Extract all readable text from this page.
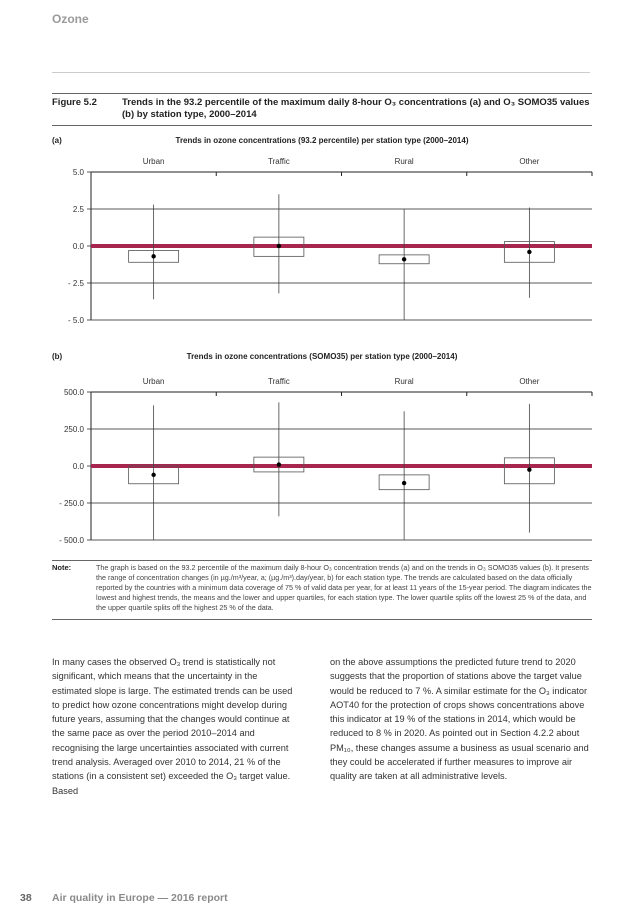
Ozone
Figure 5.2	Trends in the 93.2 percentile of the maximum daily 8-hour O₃ concentrations (a) and O₃ SOMO35 values (b) by station type, 2000–2014
(a)	Trends in ozone concentrations (93.2 percentile) per station type (2000–2014)
5.0
2.5
0.0
- 2.5
- 5.0
Urban	Traffic	Rural	Other
(b)	Trends in ozone concentrations (SOMO35) per station type (2000–2014)
500.0
250.0
0.0
- 250.0
- 500.0
Urban	Traffic	Rural	Other
Note:	The graph is based on the 93.2 percentile of the maximum daily 8-hour O₃ concentration trends (a) and on the trends in O₃ SOMO35 values (b). It presents the range of concentration changes (in µg./m³/year, a; (µg./m³).day/year, b) for each station type. The trends are calculated based on the data officially reported by the countries with a minimum data coverage of 75 % of valid data per year, for at least 11 years of the 15-year period. The diagram indicates the lowest and highest trends, the means and the lower and upper quartiles, for each station type. The lower quartile splits off the lowest 25 % of the data, and the upper quartile splits off the highest 25 % of the data.
In many cases the observed O₃ trend is statistically not significant, which means that the uncertainty in the estimated slope is large. The estimated trends can be used to predict how ozone concentrations might develop during future years, assuming that the changes would continue at the same pace as over the period 2010–2014 and recognising the large uncertainties associated with current trend analysis. Averaged over 2010 to 2014, 21 % of the stations (in a consistent set) exceeded the O₃ target value. Based
on the above assumptions the predicted future trend to 2020 suggests that the proportion of stations above the target value would be reduced to 7 %. A similar estimate for the O₃ indicator AOT40 for the protection of crops shows concentrations above this indicator at 19 % of the stations in 2014, which would be reduced to 8 % in 2020. As pointed out in Section 4.2.2 about PM₁₀, these changes assume a business as usual scenario and they could be accelerated if further measures to improve air quality are taken at all administrative levels.
38 Air quality in Europe — 2016 report
